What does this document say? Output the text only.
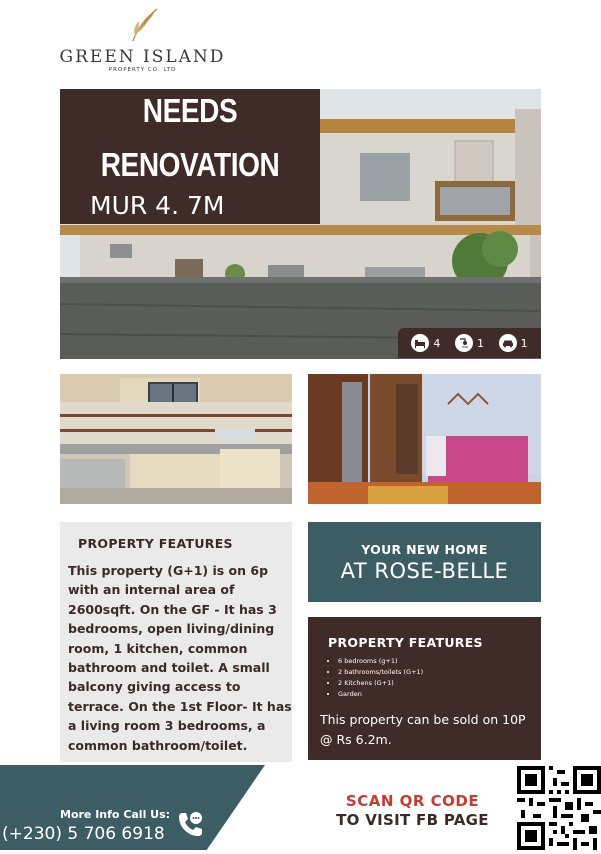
GREEN ISLAND
PROPERTY CO. LTD
NEEDS
RENOVATION
MUR 4. 7M
4	1	1
PROPERTY FEATURES

This property (G+1) is on 6p with an internal area of 2600sqft. On the GF - It has 3 bedrooms, open living/dining room, 1 kitchen, common bathroom and toilet. A small balcony giving access to terrace. On the 1st Floor- It has a living room 3 bedrooms, a common bathroom/toilet.

YOUR NEW HOME
AT ROSE-BELLE
PROPERTY FEATURES
• 6 bedrooms (g+1)
• 2 bathrooms/toilets (G+1)
• 2 Kitchens (G+1)
• Garden
This property can be sold on 10P @ Rs 6.2m.
More Info Call Us:
(+230) 5 706 6918
SCAN QR CODE
TO VISIT FB PAGE
